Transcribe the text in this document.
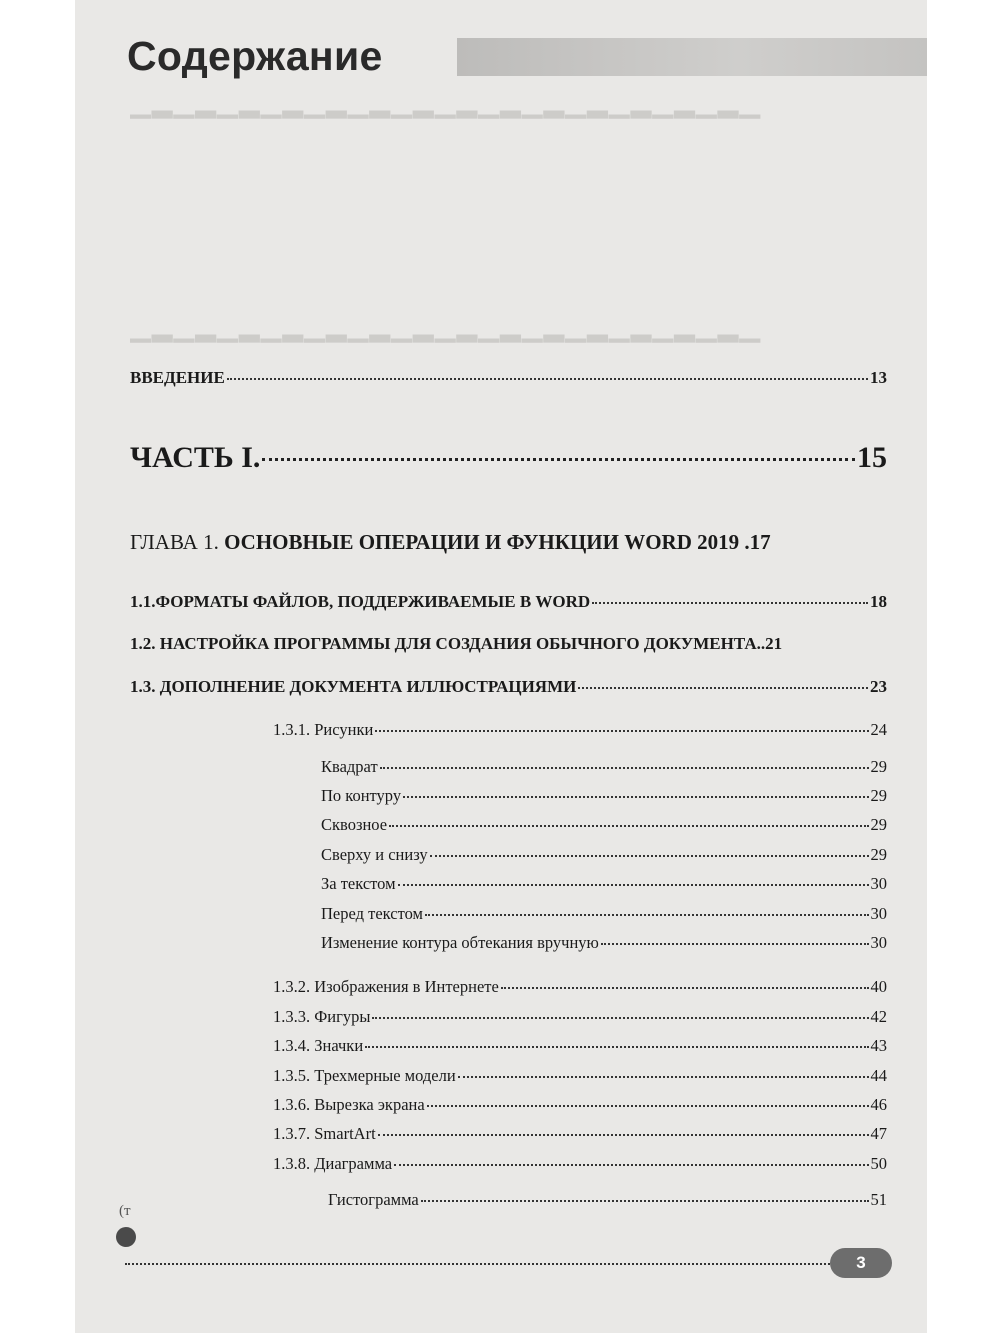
Содержание
▁▂▁▂▁▂▁▂▁▂▁▂▁▂▁▂▁▂▁▂▁▂▁▂▁▂▁▂▁
▁▂▁▂▁▂▁▂▁▂▁▂▁▂▁▂▁▂▁▂▁▂▁▂▁▂▁▂▁
ВВЕДЕНИЕ	13
ЧАСТЬ I.	15
ГЛАВА 1. ОСНОВНЫЕ ОПЕРАЦИИ И ФУНКЦИИ WORD 2019 .17
1.1.ФОРМАТЫ ФАЙЛОВ, ПОДДЕРЖИВАЕМЫЕ В WORD	18
1.2. НАСТРОЙКА ПРОГРАММЫ ДЛЯ СОЗДАНИЯ ОБЫЧНОГО ДОКУМЕНТА .. 21
1.3. ДОПОЛНЕНИЕ ДОКУМЕНТА ИЛЛЮСТРАЦИЯМИ	23
1.3.1. Рисунки	24
Квадрат	29
По контуру	29
Сквозное	29
Сверху и снизу	29
За текстом	30
Перед текстом	30
Изменение контура обтекания вручную	30
1.3.2. Изображения в Интернете	40
1.3.3. Фигуры	42
1.3.4. Значки	43
1.3.5. Трехмерные модели	44
1.3.6. Вырезка экрана	46
1.3.7. SmartArt	47
1.3.8. Диаграмма	50
Гистограмма	51
(т
3
